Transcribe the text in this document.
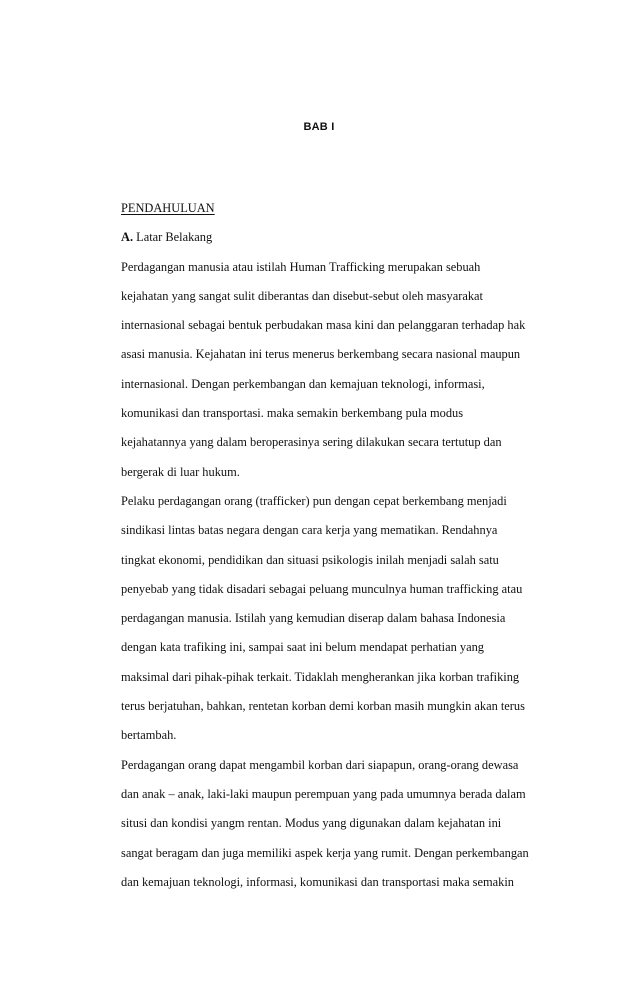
BAB I
PENDAHULUAN
A. Latar Belakang
Perdagangan manusia atau istilah Human Trafficking merupakan sebuah
kejahatan yang sangat sulit diberantas dan disebut-sebut oleh masyarakat
internasional sebagai bentuk perbudakan masa kini dan pelanggaran terhadap hak
asasi manusia. Kejahatan ini terus menerus berkembang secara nasional maupun
internasional. Dengan perkembangan dan kemajuan teknologi, informasi,
komunikasi dan transportasi. maka semakin berkembang pula modus
kejahatannya yang dalam beroperasinya sering dilakukan secara tertutup dan
bergerak di luar hukum.
Pelaku perdagangan orang (trafficker) pun dengan cepat berkembang menjadi
sindikasi lintas batas negara dengan cara kerja yang mematikan. Rendahnya
tingkat ekonomi, pendidikan dan situasi psikologis inilah menjadi salah satu
penyebab yang tidak disadari sebagai peluang munculnya human trafficking atau
perdagangan manusia. Istilah yang kemudian diserap dalam bahasa Indonesia
dengan kata trafiking ini, sampai saat ini belum mendapat perhatian yang
maksimal dari pihak-pihak terkait. Tidaklah mengherankan jika korban trafiking
terus berjatuhan, bahkan, rentetan korban demi korban masih mungkin akan terus
bertambah.
Perdagangan orang dapat mengambil korban dari siapapun, orang-orang dewasa
dan anak – anak, laki-laki maupun perempuan yang pada umumnya berada dalam
situsi dan kondisi yangm rentan. Modus yang digunakan dalam kejahatan ini
sangat beragam dan juga memiliki aspek kerja yang rumit. Dengan perkembangan
dan kemajuan teknologi, informasi, komunikasi dan transportasi maka semakin
